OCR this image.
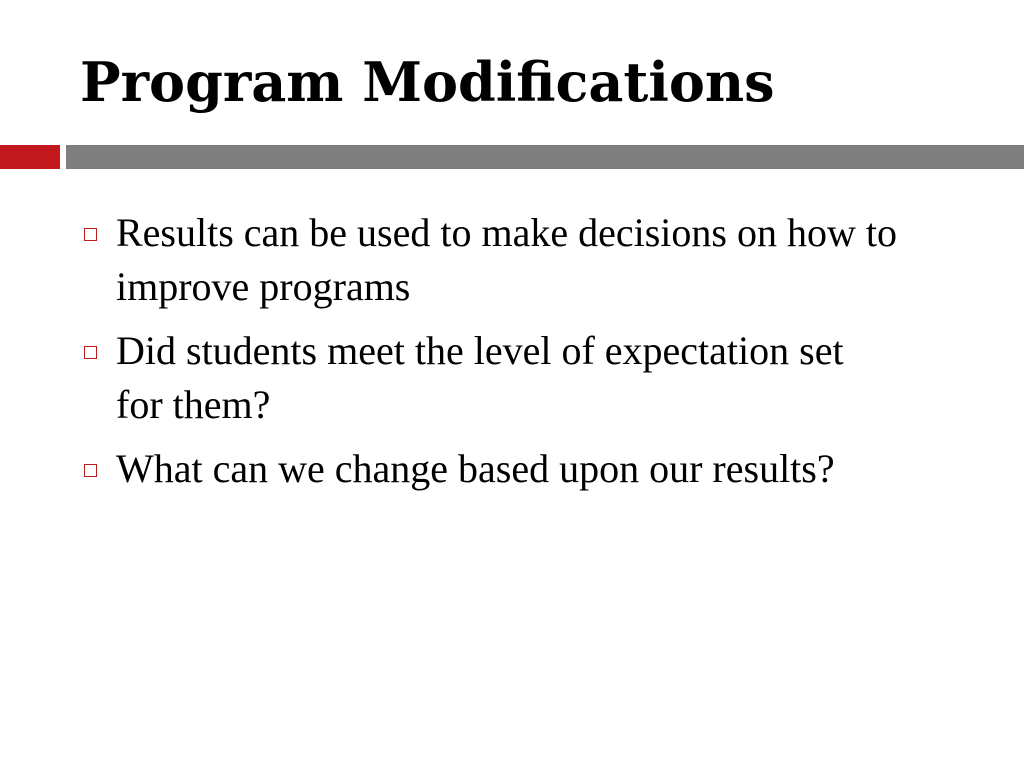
Program Modifications
Results can be used to make decisions on how to improve programs
Did students meet the level of expectation set for them?
What can we change based upon our results?
